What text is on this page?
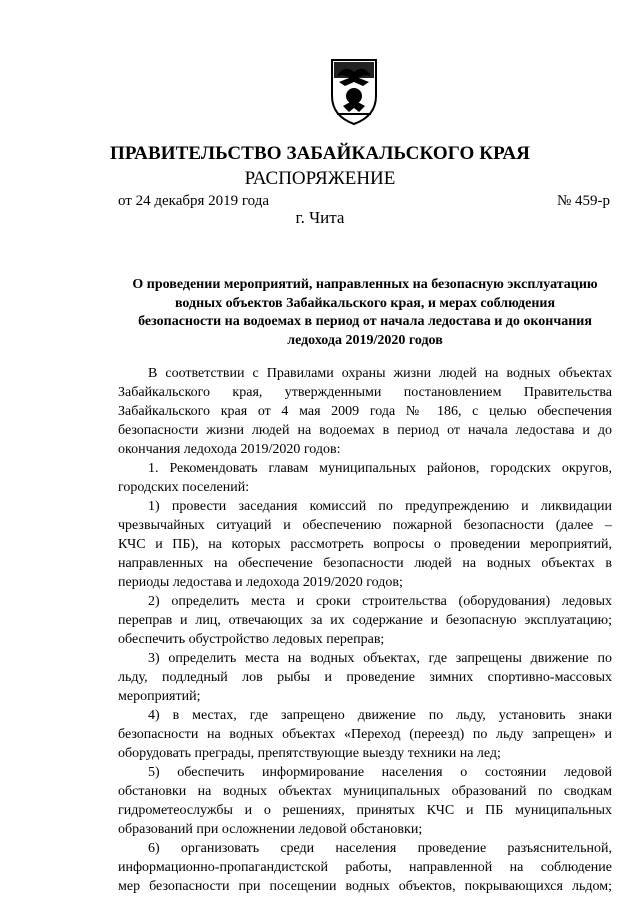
ПРАВИТЕЛЬСТВО ЗАБАЙКАЛЬСКОГО КРАЯ
РАСПОРЯЖЕНИЕ
от 24 декабря 2019 года	№ 459-р
г. Чита
О проведении мероприятий, направленных на безопасную эксплуатацию
водных объектов Забайкальского края, и мерах соблюдения
безопасности на водоемах в период от начала ледостава и до окончания
ледохода 2019/2020 годов
В соответствии с Правилами охраны жизни людей на водных объектах
Забайкальского края, утвержденными постановлением Правительства
Забайкальского края от 4 мая 2009 года № 186, с целью обеспечения
безопасности жизни людей на водоемах в период от начала ледостава и до
окончания ледохода 2019/2020 годов:
1. Рекомендовать главам муниципальных районов, городских округов,
городских поселений:
1) провести заседания комиссий по предупреждению и ликвидации
чрезвычайных ситуаций и обеспечению пожарной безопасности (далее –
КЧС и ПБ), на которых рассмотреть вопросы о проведении мероприятий,
направленных на обеспечение безопасности людей на водных объектах в
периоды ледостава и ледохода 2019/2020 годов;
2) определить места и сроки строительства (оборудования) ледовых
переправ и лиц, отвечающих за их содержание и безопасную эксплуатацию;
обеспечить обустройство ледовых переправ;
3) определить места на водных объектах, где запрещены движение по
льду, подледный лов рыбы и проведение зимних спортивно-массовых
мероприятий;
4) в местах, где запрещено движение по льду, установить знаки
безопасности на водных объектах «Переход (переезд) по льду запрещен» и
оборудовать преграды, препятствующие выезду техники на лед;
5) обеспечить информирование населения о состоянии ледовой
обстановки на водных объектах муниципальных образований по сводкам
гидрометеослужбы и о решениях, принятых КЧС и ПБ муниципальных
образований при осложнении ледовой обстановки;
6) организовать среди населения проведение разъяснительной,
информационно-пропагандистской работы, направленной на соблюдение
мер безопасности при посещении водных объектов, покрывающихся льдом;
